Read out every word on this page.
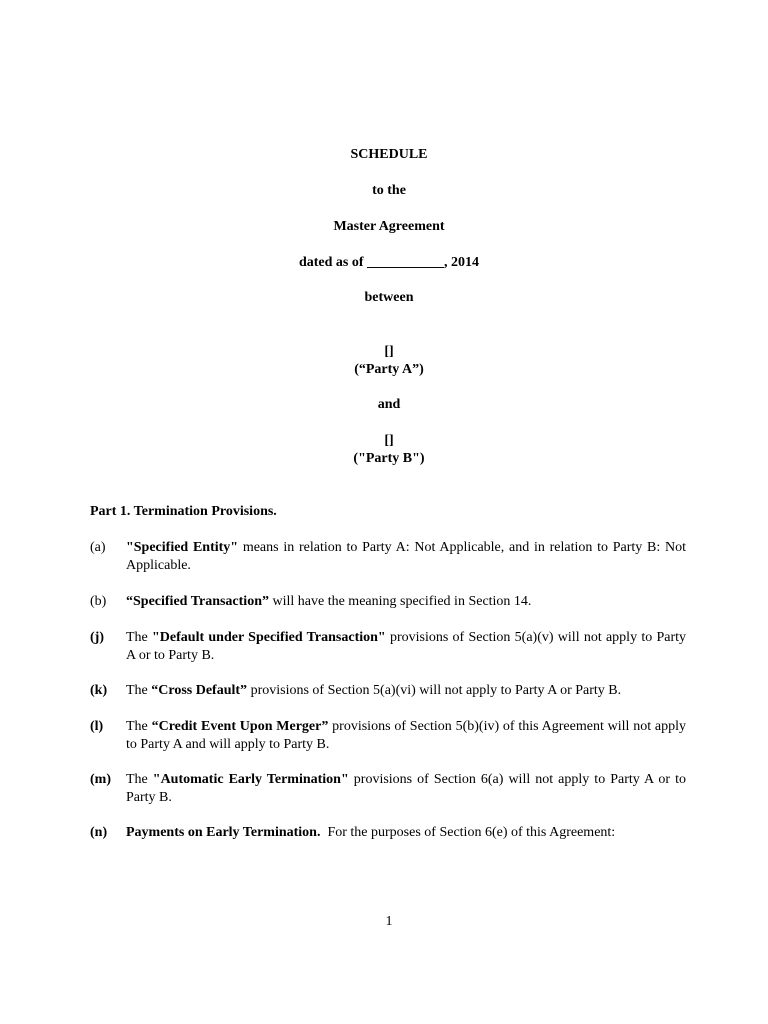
SCHEDULE
to the
Master Agreement
dated as of ___________, 2014
between
[]
(“Party A”)
and
[]
("Party B")
Part 1. Termination Provisions.
(a) "Specified Entity" means in relation to Party A: Not Applicable, and in relation to Party B: Not Applicable.
(b) “Specified Transaction” will have the meaning specified in Section 14.
(j) The "Default under Specified Transaction" provisions of Section 5(a)(v) will not apply to Party A or to Party B.
(k) The “Cross Default” provisions of Section 5(a)(vi) will not apply to Party A or Party B.
(l) The “Credit Event Upon Merger” provisions of Section 5(b)(iv) of this Agreement will not apply to Party A and will apply to Party B.
(m) The "Automatic Early Termination" provisions of Section 6(a) will not apply to Party A or to Party B.
(n) Payments on Early Termination.  For the purposes of Section 6(e) of this Agreement:
1
